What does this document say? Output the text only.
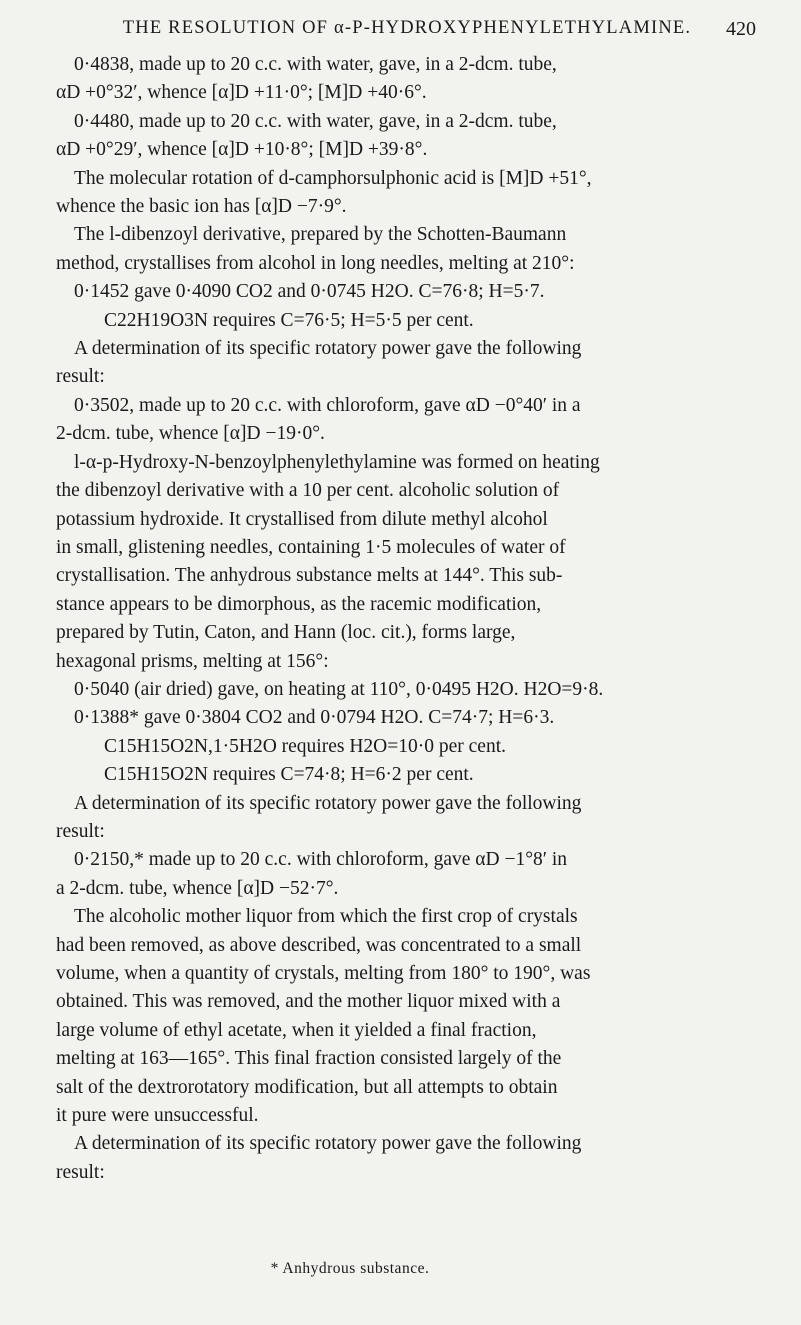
THE RESOLUTION OF α-P-HYDROXYPHENYLETHYLAMINE.	420

0·4838, made up to 20 c.c. with water, gave, in a 2-dcm. tube,

αD +0°32′, whence [α]D +11·0°; [M]D +40·6°.

0·4480, made up to 20 c.c. with water, gave, in a 2-dcm. tube,

αD +0°29′, whence [α]D +10·8°; [M]D +39·8°.

The molecular rotation of d-camphorsulphonic acid is [M]D +51°,

whence the basic ion has [α]D −7·9°.

The l-dibenzoyl derivative, prepared by the Schotten-Baumann

method, crystallises from alcohol in long needles, melting at 210°:

0·1452 gave 0·4090 CO2 and 0·0745 H2O. C=76·8; H=5·7.

C22H19O3N requires C=76·5; H=5·5 per cent.

A determination of its specific rotatory power gave the following

result:

0·3502, made up to 20 c.c. with chloroform, gave αD −0°40′ in a

2-dcm. tube, whence [α]D −19·0°.

l-α-p-Hydroxy-N-benzoylphenylethylamine was formed on heating

the dibenzoyl derivative with a 10 per cent. alcoholic solution of

potassium hydroxide. It crystallised from dilute methyl alcohol

in small, glistening needles, containing 1·5 molecules of water of

crystallisation. The anhydrous substance melts at 144°. This sub-

stance appears to be dimorphous, as the racemic modification,

prepared by Tutin, Caton, and Hann (loc. cit.), forms large,

hexagonal prisms, melting at 156°:

0·5040 (air dried) gave, on heating at 110°, 0·0495 H2O. H2O=9·8.

0·1388* gave 0·3804 CO2 and 0·0794 H2O. C=74·7; H=6·3.

C15H15O2N,1·5H2O requires H2O=10·0 per cent.

C15H15O2N requires C=74·8; H=6·2 per cent.

A determination of its specific rotatory power gave the following

result:

0·2150,* made up to 20 c.c. with chloroform, gave αD −1°8′ in

a 2-dcm. tube, whence [α]D −52·7°.

The alcoholic mother liquor from which the first crop of crystals

had been removed, as above described, was concentrated to a small

volume, when a quantity of crystals, melting from 180° to 190°, was

obtained. This was removed, and the mother liquor mixed with a

large volume of ethyl acetate, when it yielded a final fraction,

melting at 163—165°. This final fraction consisted largely of the

salt of the dextrorotatory modification, but all attempts to obtain

it pure were unsuccessful.

A determination of its specific rotatory power gave the following

result:

* Anhydrous substance.
